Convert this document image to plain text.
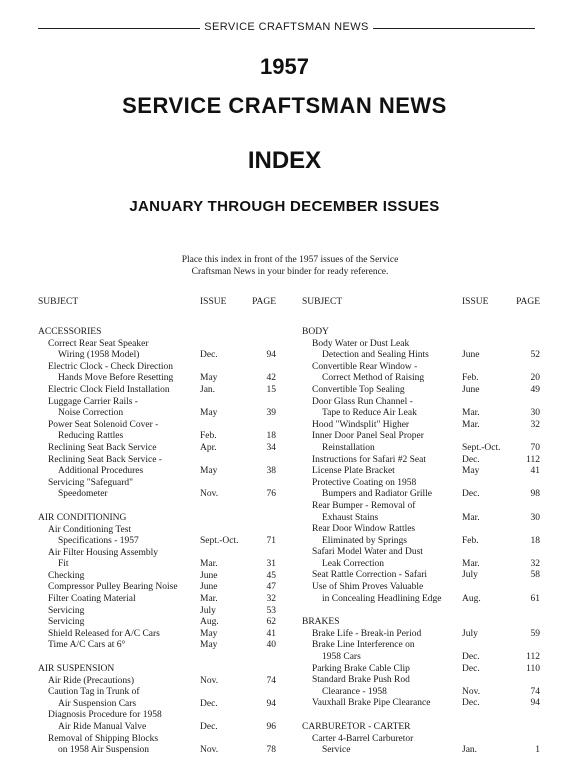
SERVICE CRAFTSMAN NEWS
1957
SERVICE CRAFTSMAN NEWS
INDEX
JANUARY THROUGH DECEMBER ISSUES
Place this index in front of the 1957 issues of the Service
Craftsman News in your binder for ready reference.
SUBJECT	ISSUE	PAGE
ACCESSORIES
Correct Rear Seat Speaker
Wiring (1958 Model)	Dec.	94
Electric Clock - Check Direction
Hands Move Before Resetting	May	42
Electric Clock Field Installation	Jan.	15
Luggage Carrier Rails -
Noise Correction	May	39
Power Seat Solenoid Cover -
Reducing Rattles	Feb.	18
Reclining Seat Back Service	Apr.	34
Reclining Seat Back Service -
Additional Procedures	May	38
Servicing "Safeguard"
Speedometer	Nov.	76
AIR CONDITIONING
Air Conditioning Test
Specifications - 1957	Sept.-Oct.	71
Air Filter Housing Assembly
Fit	Mar.	31
Checking	June	45
Compressor Pulley Bearing Noise June	47
Filter Coating Material	Mar.	32
Servicing	July	53
Servicing	Aug.	62
Shield Released for A/C Cars	May	41
Time A/C Cars at 6°	May	40
AIR SUSPENSION
Air Ride (Precautions)	Nov.	74
Caution Tag in Trunk of
Air Suspension Cars	Dec.	94
Diagnosis Procedure for 1958
Air Ride Manual Valve	Dec.	96
Removal of Shipping Blocks
on 1958 Air Suspension	Nov.	78
SUBJECT	ISSUE	PAGE
BODY
Body Water or Dust Leak
Detection and Sealing Hints	June	52
Convertible Rear Window -
Correct Method of Raising	Feb.	20
Convertible Top Sealing	June	49
Door Glass Run Channel -
Tape to Reduce Air Leak	Mar.	30
Hood "Windsplit" Higher	Mar.	32
Inner Door Panel Seal Proper
Reinstallation	Sept.-Oct.	70
Instructions for Safari #2 Seat	Dec.	112
License Plate Bracket	May	41
Protective Coating on 1958
Bumpers and Radiator Grille	Dec.	98
Rear Bumper - Removal of
Exhaust Stains	Mar.	30
Rear Door Window Rattles
Eliminated by Springs	Feb.	18
Safari Model Water and Dust
Leak Correction	Mar.	32
Seat Rattle Correction - Safari	July	58
Use of Shim Proves Valuable
in Concealing Headlining Edge Aug.	61
BRAKES
Brake Life - Break-in Period	July	59
Brake Line Interference on
1958 Cars	Dec.	112
Parking Brake Cable Clip	Dec.	110
Standard Brake Push Rod
Clearance - 1958	Nov.	74
Vauxhall Brake Pipe Clearance	Dec.	94
CARBURETOR - CARTER
Carter 4-Barrel Carburetor
Service	Jan.	1
